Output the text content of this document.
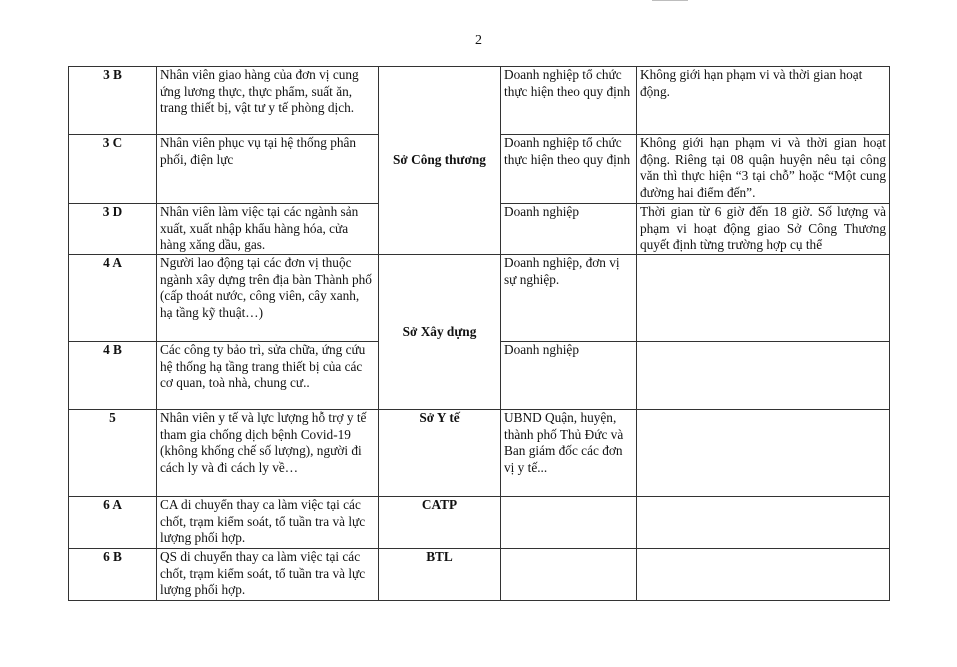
2
3 B	Nhân viên giao hàng của đơn vị cung ứng lương thực, thực phẩm, suất ăn, trang thiết bị, vật tư y tế phòng dịch.	Sở Công thương	Doanh nghiệp tổ chức thực hiện theo quy định	Không giới hạn phạm vi và thời gian hoạt động.
3 C	Nhân viên phục vụ tại hệ thống phân phối, điện lực		Doanh nghiệp tổ chức thực hiện theo quy định	Không giới hạn phạm vi và thời gian hoạt động. Riêng tại 08 quận huyện nêu tại công văn thì thực hiện “3 tại chỗ” hoặc “Một cung đường hai điểm đến”.
3 D	Nhân viên làm việc tại các ngành sản xuất, xuất nhập khẩu hàng hóa, cửa hàng xăng dầu, gas.		Doanh nghiệp	Thời gian từ 6 giờ đến 18 giờ. Số lượng và phạm vi hoạt động giao Sở Công Thương quyết định từng trường hợp cụ thể
4 A	Người lao động tại các đơn vị thuộc ngành xây dựng trên địa bàn Thành phố (cấp thoát nước, công viên, cây xanh, hạ tầng kỹ thuật…)	Sở Xây dựng	Doanh nghiệp, đơn vị sự nghiệp.	
4 B	Các công ty bảo trì, sửa chữa, ứng cứu hệ thống hạ tầng trang thiết bị của các cơ quan, toà nhà, chung cư..		Doanh nghiệp	
5	Nhân viên y tế và lực lượng hỗ trợ y tế tham gia chống dịch bệnh Covid-19 (không khống chế số lượng), người đi cách ly và đi cách ly về…	Sở Y tế	UBND Quận, huyện, thành phố Thủ Đức và Ban giám đốc các đơn vị y tế...	
6 A	CA di chuyển thay ca làm việc tại các chốt, trạm kiểm soát, tổ tuần tra và lực lượng phối hợp.	CATP		
6 B	QS di chuyển thay ca làm việc tại các chốt, trạm kiểm soát, tổ tuần tra và lực lượng phối hợp.	BTL		
